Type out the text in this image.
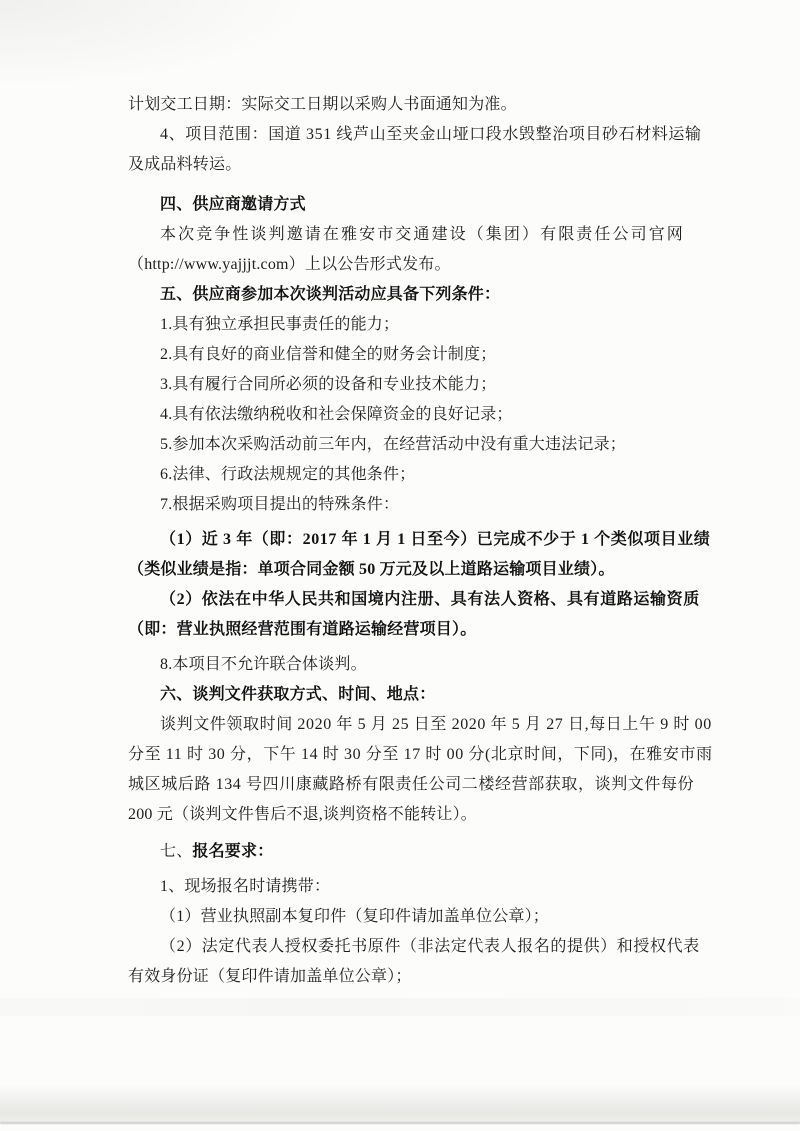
计划交工日期：实际交工日期以采购人书面通知为准。
4、项目范围：国道 351 线芦山至夹金山垭口段水毁整治项目砂石材料运输
及成品料转运。
四、供应商邀请方式
本次竞争性谈判邀请在雅安市交通建设（集团）有限责任公司官网
（http://www.yajjjt.com）上以公告形式发布。
五、供应商参加本次谈判活动应具备下列条件：
1.具有独立承担民事责任的能力；
2.具有良好的商业信誉和健全的财务会计制度；
3.具有履行合同所必须的设备和专业技术能力；
4.具有依法缴纳税收和社会保障资金的良好记录；
5.参加本次采购活动前三年内，在经营活动中没有重大违法记录；
6.法律、行政法规规定的其他条件；
7.根据采购项目提出的特殊条件：
（1）近 3 年（即：2017 年 1 月 1 日至今）已完成不少于 1 个类似项目业绩
（类似业绩是指：单项合同金额 50 万元及以上道路运输项目业绩）。
（2）依法在中华人民共和国境内注册、具有法人资格、具有道路运输资质
（即：营业执照经营范围有道路运输经营项目）。
8.本项目不允许联合体谈判。
六、谈判文件获取方式、时间、地点：
谈判文件领取时间 2020 年 5 月 25 日至 2020 年 5 月 27 日,每日上午 9 时 00
分至 11 时 30 分，下午 14 时 30 分至 17 时 00 分(北京时间，下同)，在雅安市雨
城区城后路 134 号四川康藏路桥有限责任公司二楼经营部获取，谈判文件每份
200 元（谈判文件售后不退,谈判资格不能转让）。
七、报名要求：
1、现场报名时请携带：
（1）营业执照副本复印件（复印件请加盖单位公章）；
（2）法定代表人授权委托书原件（非法定代表人报名的提供）和授权代表
有效身份证（复印件请加盖单位公章）；
